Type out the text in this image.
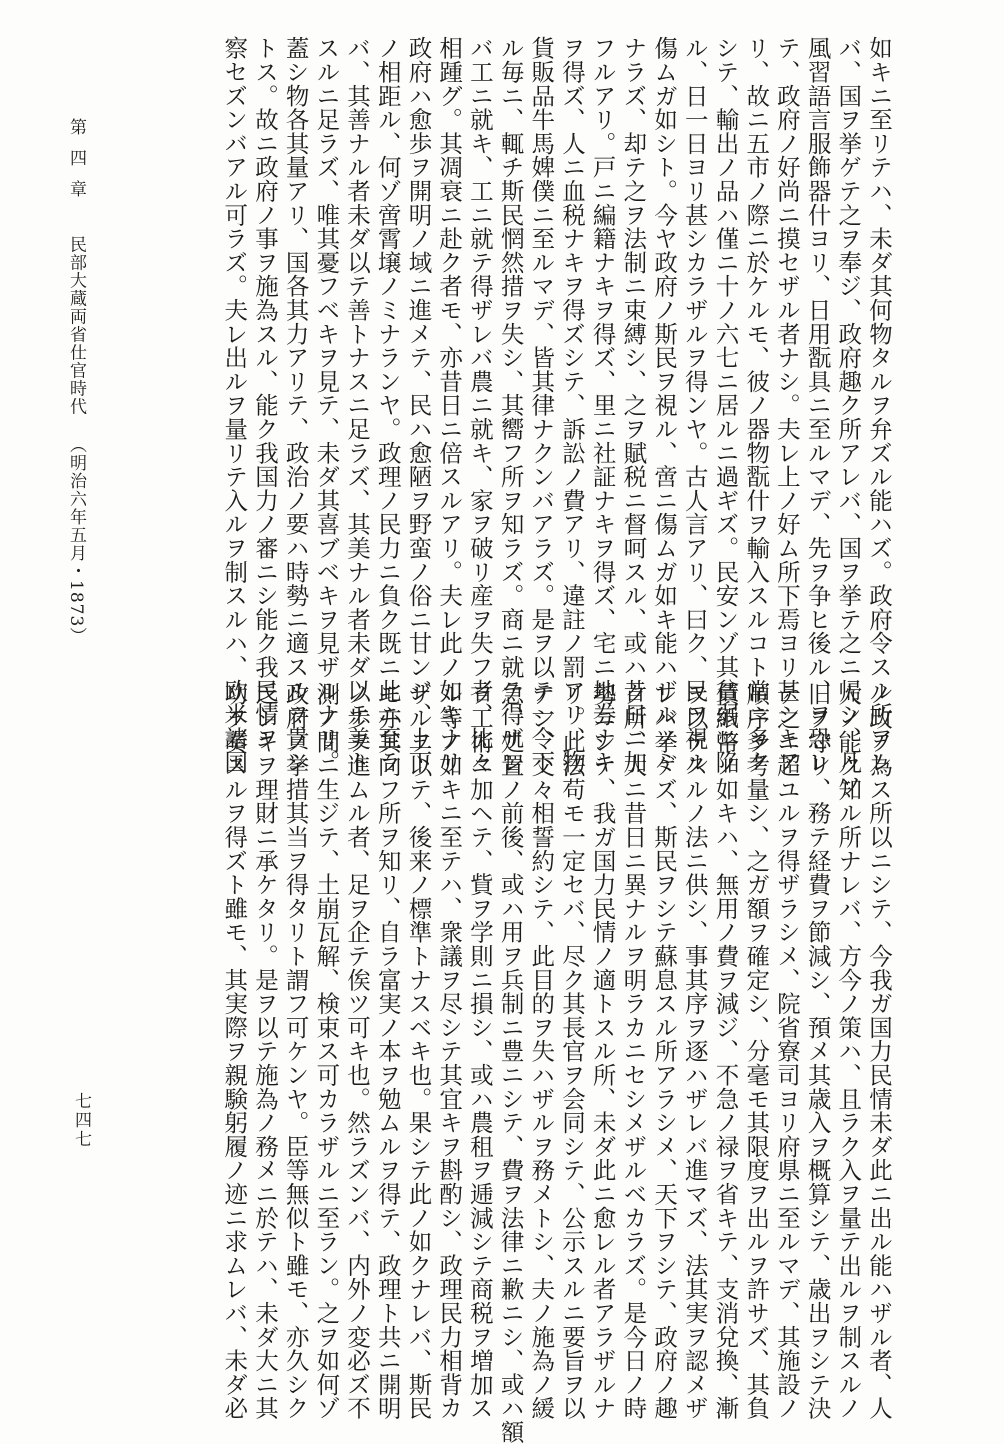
如キニ至リテハ、未ダ其何物タルヲ弁ズル能ハズ。政府令スル所アレ
バ、国ヲ挙ゲテ之ヲ奉ジ、政府趣ク所アレバ、国ヲ挙テ之ニ帰シ、凡ソ
風習語言服飾器什ヨリ、日用翫具ニ至ルマデ、先ヲ争ヒ後ル、ヲ恐レ
テ、政府ノ好尚ニ摸セザル者ナシ。夫レ上ノ好ム所下焉ヨリ甚シキア
リ、故ニ五市ノ際ニ於ケルモ、彼ノ器物翫什ヲ輸入スルコト常ニ多ク
シテ、輸出ノ品ハ僅ニ十ノ六七ニ居ルニ過ギズ。民安ンゾ其貧弱ニ陥
ル、日一日ヨリ甚シカラザルヲ得ンヤ。古人言アリ、曰ク、民ヲ視ル
傷ムガ如シト。今ヤ政府ノ斯民ヲ視ル、啻ニ傷ムガ如キ能ハザルノミ
ナラズ、却テ之ヲ法制ニ束縛シ、之ヲ賦税ニ督呵スル、或ハ昔日ニ加
フルアリ。戸ニ編籍ナキヲ得ズ、里ニ社証ナキヲ得ズ、宅ニ地券ナキ
ヲ得ズ、人ニ血税ナキヲ得ズシテ、訴訟ノ費アリ、違註ノ罰アリ、物
貨販品牛馬婢僕ニ至ルマデ、皆其律ナクンバアラズ。是ヲ以テ一令下
ル毎ニ、輒チ斯民惘然措ヲ失シ、其嚮フ所ヲ知ラズ。商ニ就テ得ザレ
バ工ニ就キ、工ニ就テ得ザレバ農ニ就キ、家ヲ破リ産ヲ失フ者、比々
相踵グ。其凋衰ニ赴ク者モ、亦昔日ニ倍スルアリ。夫レ此ノ如キナリ
政府ハ愈歩ヲ開明ノ域ニ進メテ、民ハ愈陋ヲ野蛮ノ俗ニ甘ンジ、上下
ノ相距ル、何ゾ啻霄壌ノミナランヤ。政理ノ民力ニ負ク既ニ此ニ至ラ
バ、其善ナル者未ダ以テ善トナスニ足ラズ、其美ナル者未ダ以テ美ト
スルニ足ラズ、唯其憂フベキヲ見テ、未ダ其喜ブベキヲ見ザルナリ。
蓋シ物各其量アリ、国各其力アリテ、政治ノ要ハ時勢ニ適スルヲ貴シ
トス。故ニ政府ノ事ヲ施為スル、能ク我国力ノ審ニシ能ク我民情ヲ
察セズンバアル可ラズ。夫レ出ルヲ量リテ入ルヲ制スルハ、欧米諸国
ノ政ヲ為ス所以ニシテ、今我ガ国力民情未ダ此ニ出ル能ハザル者、人
人ノ能ク知ル所ナレバ、方今ノ策ハ、且ラク入ヲ量テ出ルヲ制スルノ
旧ヲ守リ、務テ経費ヲ節減シ、預メ其歳入ヲ概算シテ、歳出ヲシテ決
テ之ニ超ユルヲ得ザラシメ、院省寮司ヨリ府県ニ至ルマデ、其施設ノ
順序ヲ考量シ、之ガ額ヲ確定シ、分毫モ其限度ヲ出ルヲ許サズ、其負
債紙幣ノ如キハ、無用ノ費ヲ減ジ、不急ノ禄ヲ省キテ、支消兌換、漸
ヲ以テスルノ法ニ供シ、事其序ヲ逐ハザレバ進マズ、法其実ヲ認メザ
レバ挙ゲズ、斯民ヲシテ蘇息スル所アラシメ、天下ヲシテ、政府ノ趣
ク所、大ニ昔日ニ異ナルヲ明ラカニセシメザルベカラズ。是今日ノ時
勢ニシテ、我ガ国力民情ノ適トスル所、未ダ此ニ愈レル者アラザルナ
リ。此法苟モ一定セバ、尽ク其長官ヲ会同シテ、公示スルニ要旨ヲ以
テシ、交々相誓約シテ、此目的ヲ失ハザルヲ務メトシ、夫ノ施為ノ緩
急、処置ノ前後、或ハ用ヲ兵制ニ豊ニシテ、費ヲ法律ニ歉ニシ、或ハ額
ヲ工術ニ加ヘテ、貲ヲ学則ニ損シ、或ハ農租ヲ逓減シテ商税ヲ増加ス
ル等ノ如キニ至テハ、衆議ヲ尽シテ其宜キヲ斟酌シ、政理民力相背カ
ザルヲ以テ、後来ノ標準トナスベキ也。果シテ此ノ如クナレバ、斯民
モ亦其向フ所ヲ知リ、自ラ富実ノ本ヲ勉ムルヲ得テ、政理ト共ニ開明
ノ歩ヲ進ムル者、足ヲ企テ俟ツ可キ也。然ラズンバ、内外ノ変必ズ不
測ノ間ニ生ジテ、土崩瓦解、検束ス可カラザルニ至ラン。之ヲ如何ゾ
政府ノ挙措其当ヲ得タリト謂フ可ケンヤ。臣等無似ト雖モ、亦久シク
乏シキヲ理財ニ承ケタリ。是ヲ以テ施為ノ務メニ於テハ、未ダ大ニ其
功ヲ奏スルヲ得ズト雖モ、其実際ヲ親験躬履ノ迹ニ求ムレバ、未ダ必
第四章 民部大蔵両省仕官時代 （明治六年五月・1873）
七四七
